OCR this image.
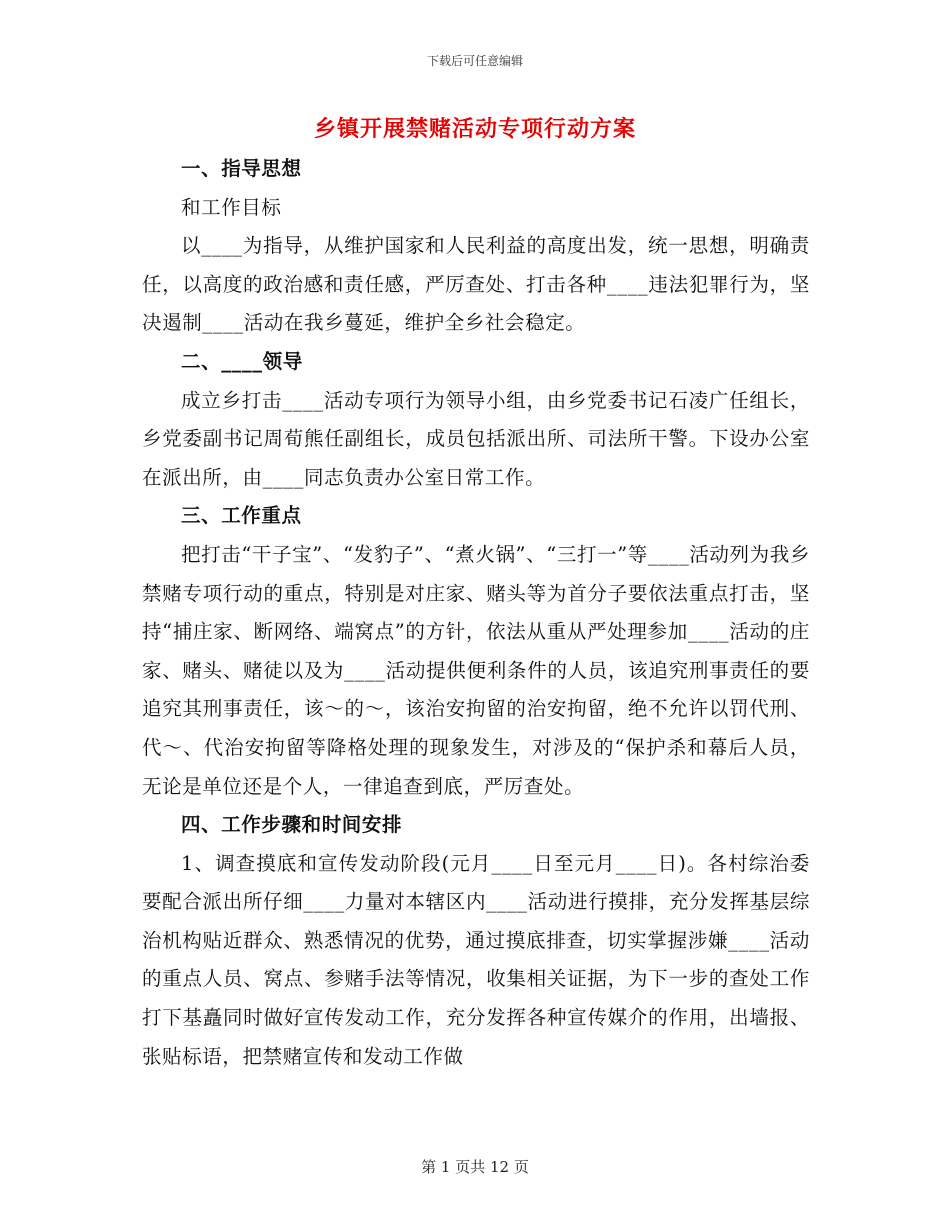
下载后可任意编辑
乡镇开展禁赌活动专项行动方案
一、指导思想

和工作目标

以____为指导，从维护国家和人民利益的高度出发，统一思想，明确责任，以高度的政治感和责任感，严厉查处、打击各种____违法犯罪行为，坚决遏制____活动在我乡蔓延，维护全乡社会稳定。

二、____领导

成立乡打击____活动专项行为领导小组，由乡党委书记石凌广任组长，乡党委副书记周荀熊任副组长，成员包括派出所、司法所干警。下设办公室在派出所，由____同志负责办公室日常工作。

三、工作重点

把打击“干子宝”、“发豹子”、“煮火锅”、“三打一”等____活动列为我乡禁赌专项行动的重点，特别是对庄家、赌头等为首分子要依法重点打击，坚持“捕庄家、断网络、端窝点”的方针，依法从重从严处理参加____活动的庄家、赌头、赌徒以及为____活动提供便利条件的人员，该追究刑事责任的要追究其刑事责任，该～的～，该治安拘留的治安拘留，绝不允许以罚代刑、代～、代治安拘留等降格处理的现象发生，对涉及的“保护杀和幕后人员，无论是单位还是个人，一律追查到底，严厉查处。

四、工作步骤和时间安排

1、调查摸底和宣传发动阶段(元月____日至元月____日)。各村综治委要配合派出所仔细____力量对本辖区内____活动进行摸排，充分发挥基层综治机构贴近群众、熟悉情况的优势，通过摸底排查，切实掌握涉嫌____活动的重点人员、窝点、参赌手法等情况，收集相关证据，为下一步的查处工作打下基矗同时做好宣传发动工作，充分发挥各种宣传媒介的作用，出墙报、张贴标语，把禁赌宣传和发动工作做

第 1 页共 12 页
